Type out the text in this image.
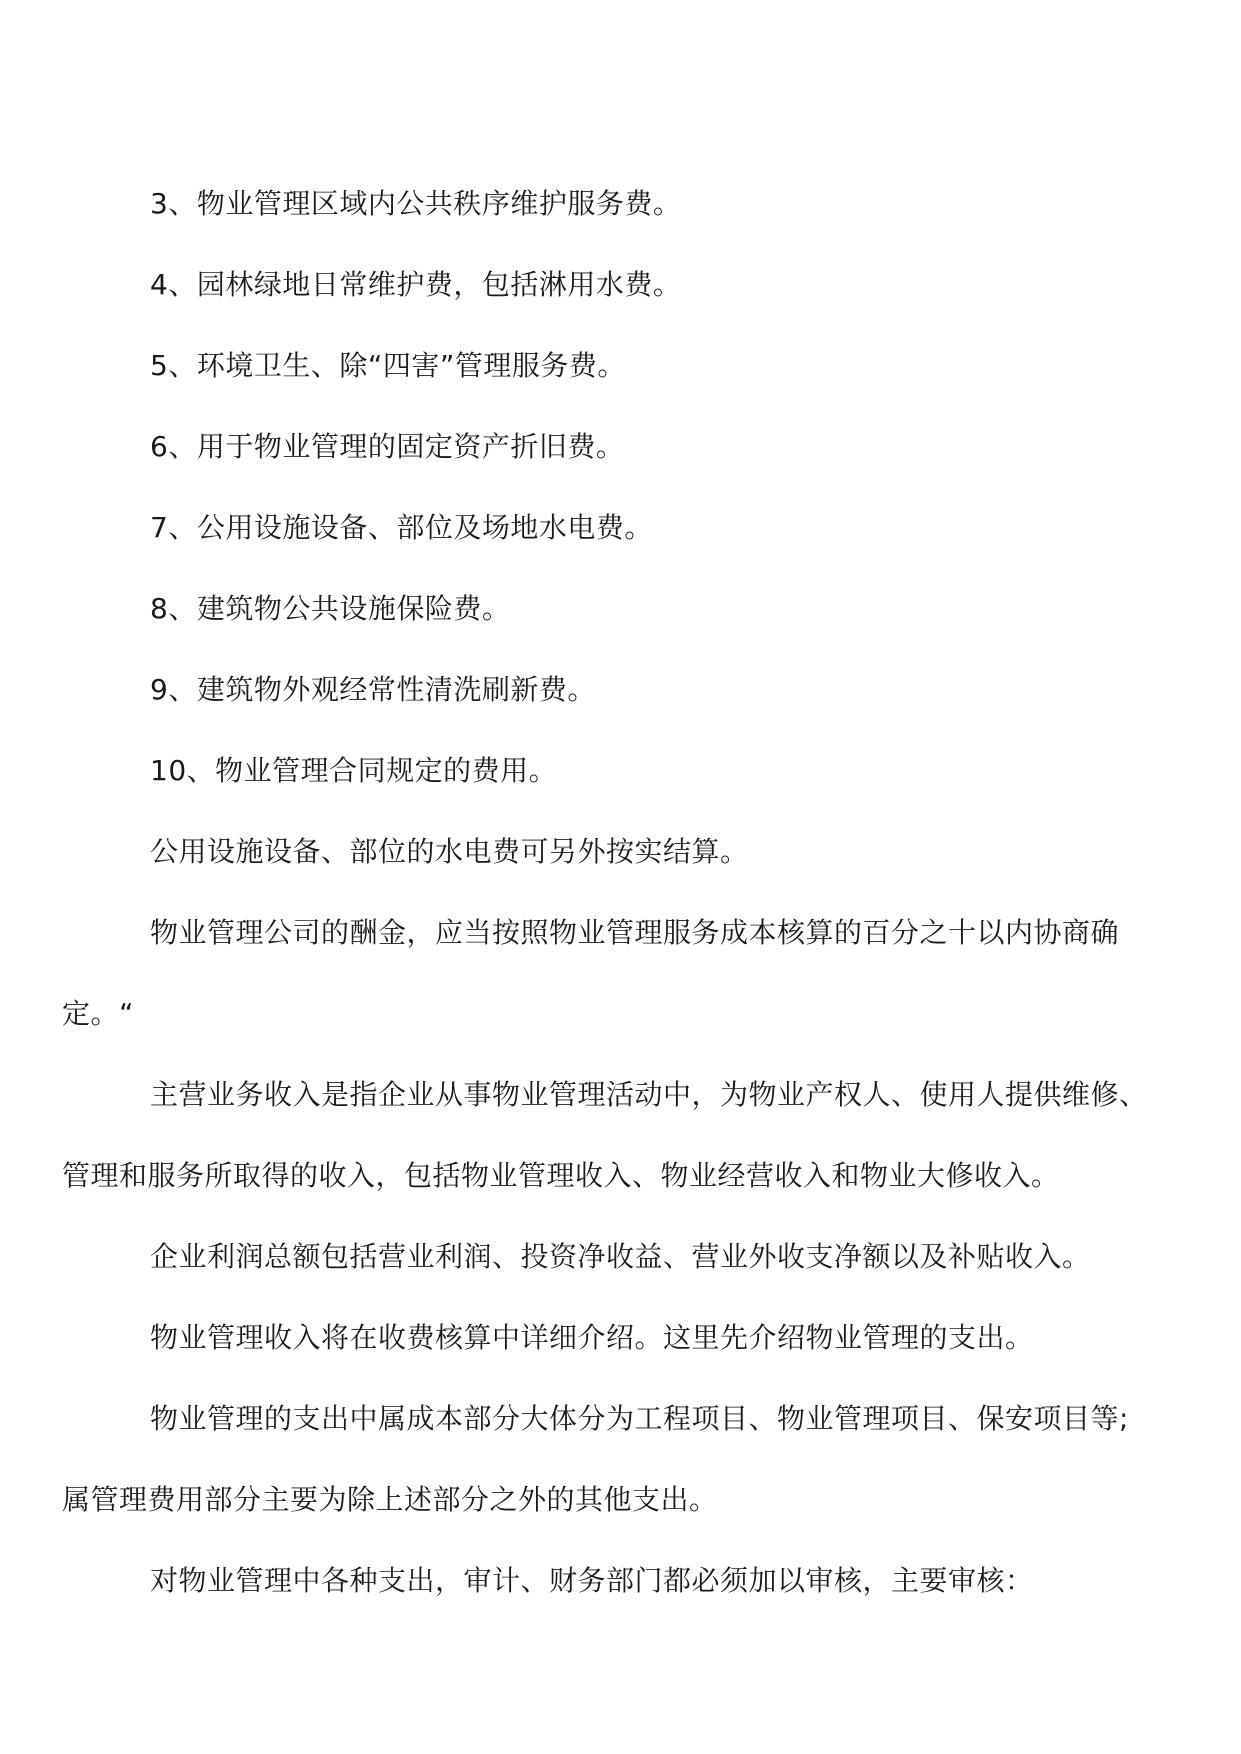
3、物业管理区域内公共秩序维护服务费。

4、园林绿地日常维护费，包括淋用水费。

5、环境卫生、除“四害”管理服务费。

6、用于物业管理的固定资产折旧费。

7、公用设施设备、部位及场地水电费。

8、建筑物公共设施保险费。

9、建筑物外观经常性清洗刷新费。

10、物业管理合同规定的费用。

公用设施设备、部位的水电费可另外按实结算。

物业管理公司的酬金，应当按照物业管理服务成本核算的百分之十以内协商确
定。“

主营业务收入是指企业从事物业管理活动中，为物业产权人、使用人提供维修、
管理和服务所取得的收入，包括物业管理收入、物业经营收入和物业大修收入。

企业利润总额包括营业利润、投资净收益、营业外收支净额以及补贴收入。

物业管理收入将在收费核算中详细介绍。这里先介绍物业管理的支出。

物业管理的支出中属成本部分大体分为工程项目、物业管理项目、保安项目等;
属管理费用部分主要为除上述部分之外的其他支出。

对物业管理中各种支出，审计、财务部门都必须加以审核，主要审核：
